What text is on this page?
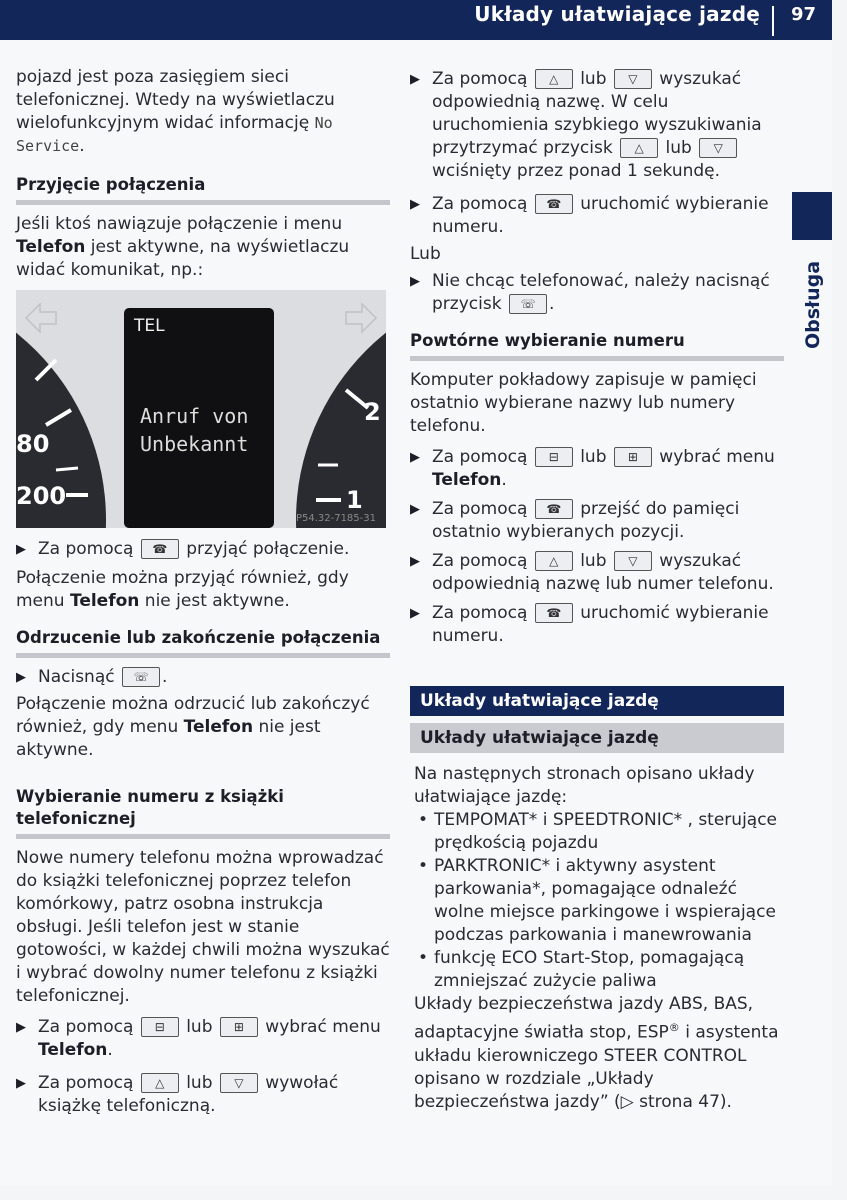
Układy ułatwiające jazdę 97
Obsługa

pojazd jest poza zasięgiem sieci telefonicznej. Wtedy na wyświetlaczu wielofunkcyjnym widać informację No Service.

Przyjęcie połączenia

Jeśli ktoś nawiązuje połączenie i menu Telefon jest aktywne, na wyświetlaczu widać komunikat, np.:

▶ Za pomocą ☎ przyjąć połączenie.

Połączenie można przyjąć również, gdy menu Telefon nie jest aktywne.

Odrzucenie lub zakończenie połączenia
▶ Nacisnąć ☏ .

Połączenie można odrzucić lub zakończyć również, gdy menu Telefon nie jest aktywne.

Wybieranie numeru z książki telefonicznej

Nowe numery telefonu można wprowadzać do książki telefonicznej poprzez telefon komórkowy, patrz osobna instrukcja obsługi. Jeśli telefon jest w stanie gotowości, w każdej chwili można wyszukać i wybrać dowolny numer telefonu z książki telefonicznej.

▶ Za pomocą ⊟ lub ⊞ wybrać menu Telefon.
▶ Za pomocą △ lub ▽ wywołać książkę telefoniczną.
TEL
Anruf von
Unbekannt
80
200
2
1
P54.32-7185-31
▶ Za pomocą △ lub ▽ wyszukać odpowiednią nazwę. W celu uruchomienia szybkiego wyszukiwania przytrzymać przycisk △ lub ▽ wciśnięty przez ponad 1 sekundę.
▶ Za pomocą ☎ uruchomić wybieranie numeru.

Lub

▶ Nie chcąc telefonować, należy nacisnąć przycisk ☏ .
Powtórne wybieranie numeru

Komputer pokładowy zapisuje w pamięci ostatnio wybierane nazwy lub numery telefonu.

▶ Za pomocą ⊟ lub ⊞ wybrać menu Telefon.
▶ Za pomocą ☎ przejść do pamięci ostatnio wybieranych pozycji.
▶ Za pomocą △ lub ▽ wyszukać odpowiednią nazwę lub numer telefonu.
▶ Za pomocą ☎ uruchomić wybieranie numeru.
Układy ułatwiające jazdę
Układy ułatwiające jazdę

Na następnych stronach opisano układy ułatwiające jazdę:

• TEMPOMAT* i SPEEDTRONIC* , sterujące prędkością pojazdu
• PARKTRONIC* i aktywny asystent parkowania*, pomagające odnaleźć wolne miejsce parkingowe i wspierające podczas parkowania i manewrowania
• funkcję ECO Start-Stop, pomagającą zmniejszać zużycie paliwa

Układy bezpieczeństwa jazdy ABS, BAS, adaptacyjne światła stop, ESP® i asystenta układu kierowniczego STEER CONTROL opisano w rozdziale „Układy bezpieczeństwa jazdy” (▷ strona 47).
